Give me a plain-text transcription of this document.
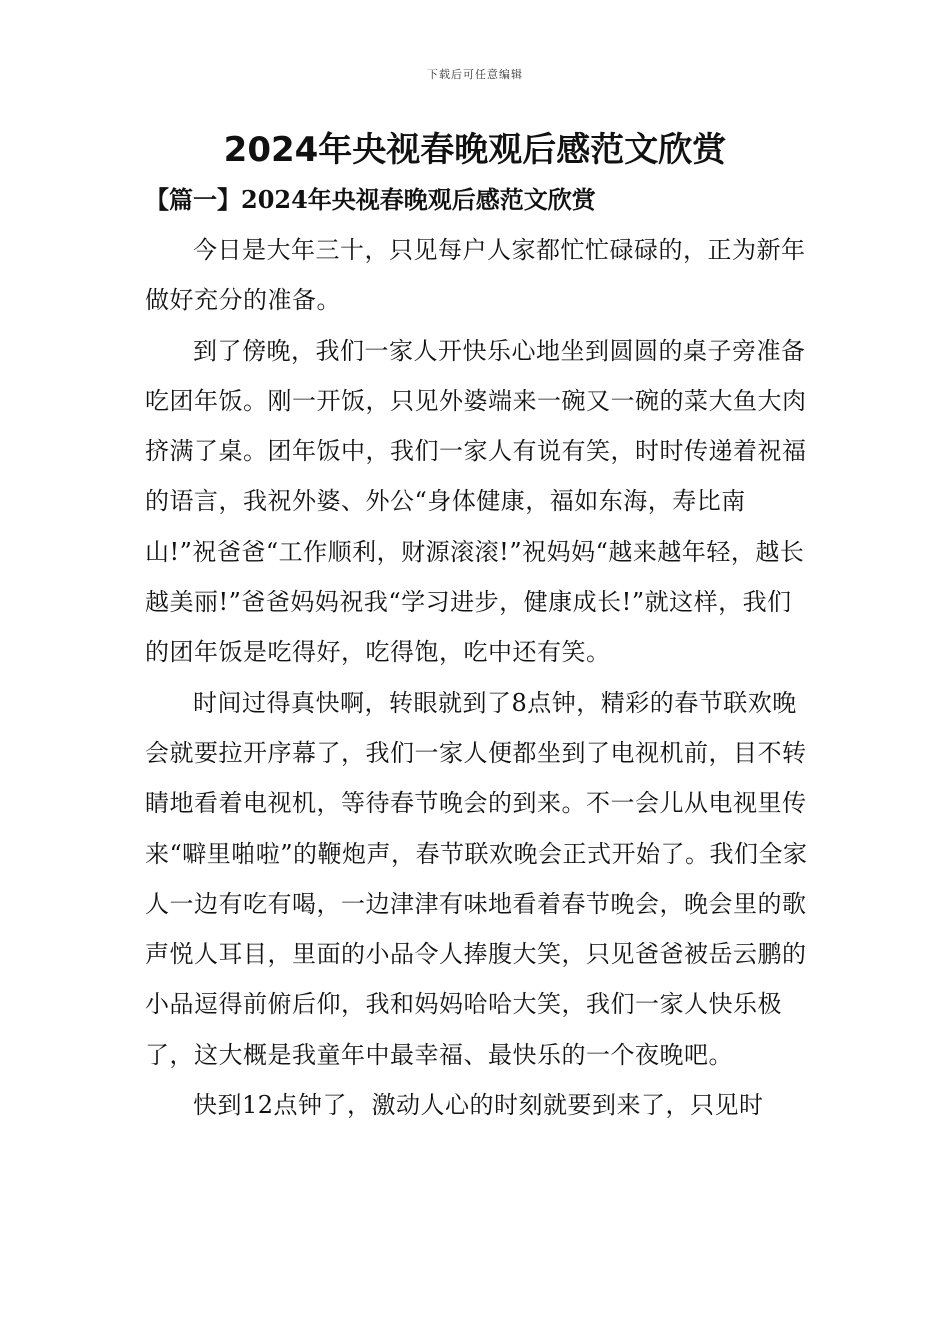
下载后可任意编辑
2024年央视春晚观后感范文欣赏
【篇一】2024年央视春晚观后感范文欣赏

今日是大年三十，只见每户人家都忙忙碌碌的，正为新年做好充分的准备。

到了傍晚，我们一家人开快乐心地坐到圆圆的桌子旁准备吃团年饭。刚一开饭，只见外婆端来一碗又一碗的菜大鱼大肉挤满了桌。团年饭中，我们一家人有说有笑，时时传递着祝福的语言，我祝外婆、外公“身体健康，福如东海，寿比南山!”祝爸爸“工作顺利，财源滚滚!”祝妈妈“越来越年轻，越长越美丽!”爸爸妈妈祝我“学习进步，健康成长!”就这样，我们的团年饭是吃得好，吃得饱，吃中还有笑。

时间过得真快啊，转眼就到了8点钟，精彩的春节联欢晚会就要拉开序幕了，我们一家人便都坐到了电视机前，目不转睛地看着电视机，等待春节晚会的到来。不一会儿从电视里传来“噼里啪啦”的鞭炮声，春节联欢晚会正式开始了。我们全家人一边有吃有喝，一边津津有味地看着春节晚会，晚会里的歌声悦人耳目，里面的小品令人捧腹大笑，只见爸爸被岳云鹏的小品逗得前俯后仰，我和妈妈哈哈大笑，我们一家人快乐极了，这大概是我童年中最幸福、最快乐的一个夜晚吧。

快到12点钟了，激动人心的时刻就要到来了，只见时
